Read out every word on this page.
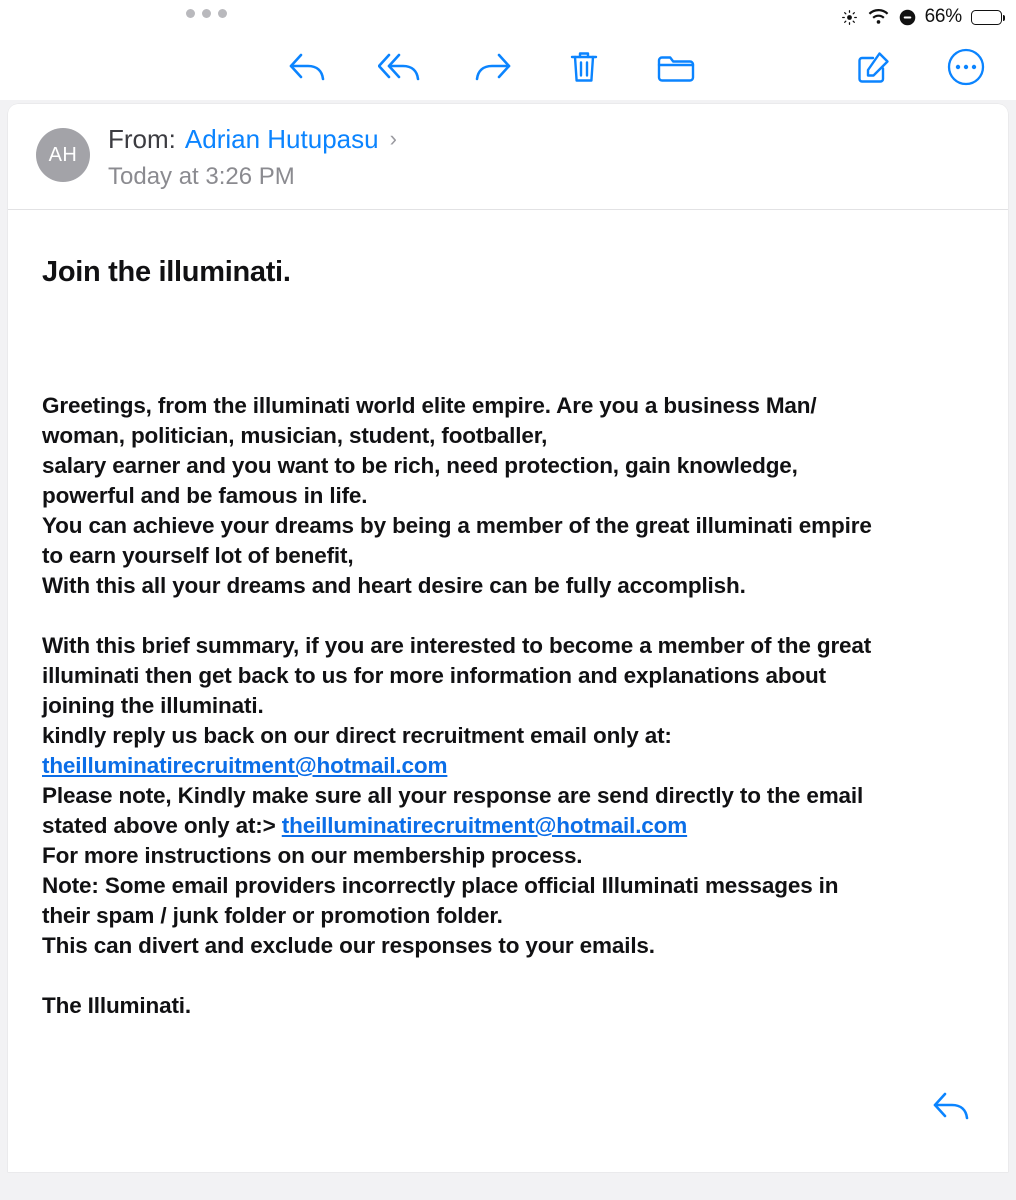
66%
AH
From: Adrian Hutupasu ›
Today at 3:26 PM
Join the illuminati.

Greetings, from the illuminati world elite empire. Are you a business Man/

woman, politician, musician, student, footballer,

salary earner and you want to be rich, need protection, gain knowledge,

powerful and be famous in life.

You can achieve your dreams by being a member of the great illuminati empire

to earn yourself lot of benefit,

With this all your dreams and heart desire can be fully accomplish.

With this brief summary, if you are interested to become a member of the great

illuminati then get back to us for more information and explanations about

joining the illuminati.

kindly reply us back on our direct recruitment email only at:

theilluminatirecruitment@hotmail.com

Please note, Kindly make sure all your response are send directly to the email

stated above only at:> theilluminatirecruitment@hotmail.com

For more instructions on our membership process.

Note: Some email providers incorrectly place official Illuminati messages in

their spam / junk folder or promotion folder.

This can divert and exclude our responses to your emails.

The Illuminati.
